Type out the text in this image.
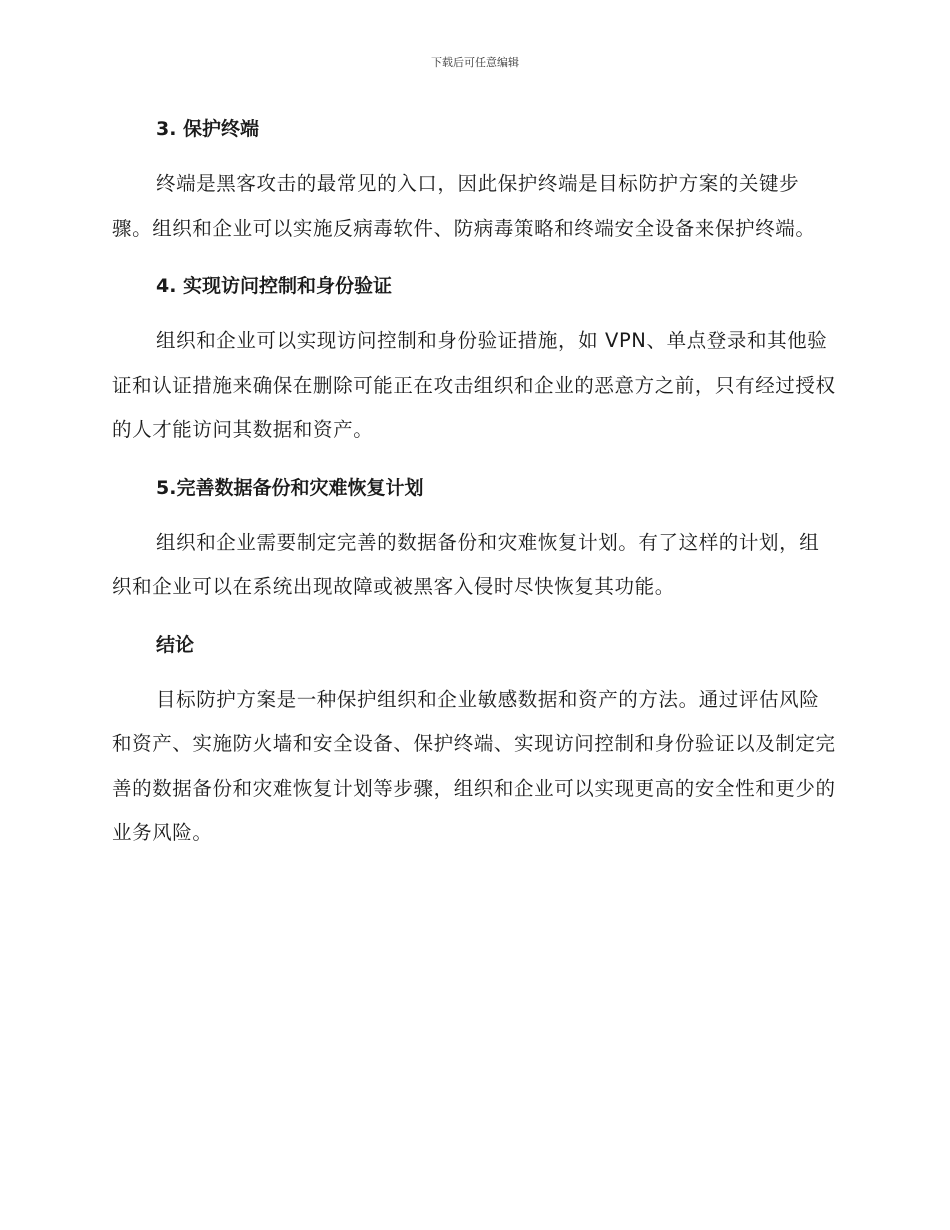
下载后可任意编辑
3. 保护终端

终端是黑客攻击的最常见的入口，因此保护终端是目标防护方案的关键步骤。组织和企业可以实施反病毒软件、防病毒策略和终端安全设备来保护终端。

4. 实现访问控制和身份验证

组织和企业可以实现访问控制和身份验证措施，如 VPN、单点登录和其他验证和认证措施来确保在删除可能正在攻击组织和企业的恶意方之前，只有经过授权的人才能访问其数据和资产。

5.完善数据备份和灾难恢复计划

组织和企业需要制定完善的数据备份和灾难恢复计划。有了这样的计划，组织和企业可以在系统出现故障或被黑客入侵时尽快恢复其功能。

结论

目标防护方案是一种保护组织和企业敏感数据和资产的方法。通过评估风险和资产、实施防火墙和安全设备、保护终端、实现访问控制和身份验证以及制定完善的数据备份和灾难恢复计划等步骤，组织和企业可以实现更高的安全性和更少的业务风险。
